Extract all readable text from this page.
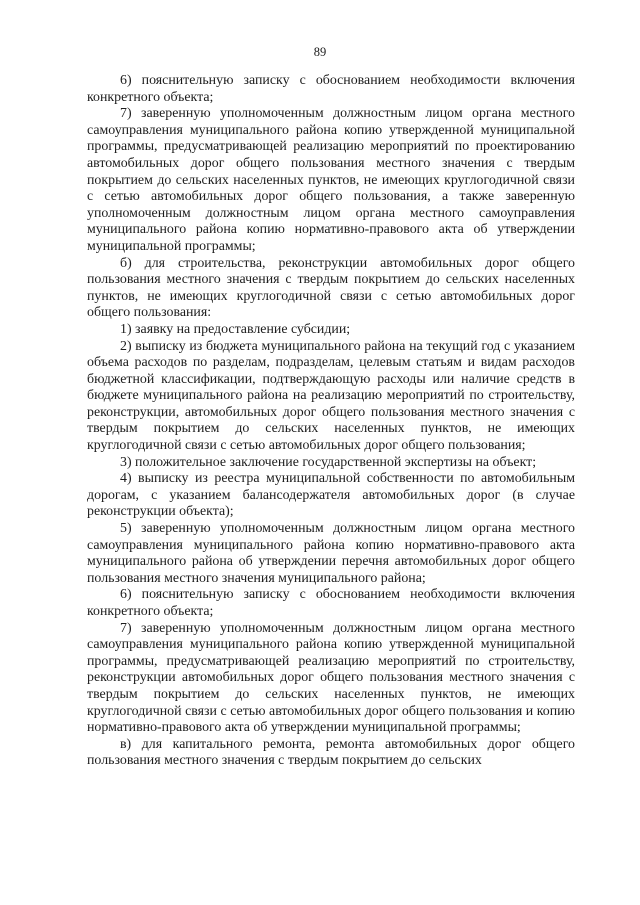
89

6) пояснительную записку с обоснованием необходимости включения конкретного объекта;

7) заверенную уполномоченным должностным лицом органа местного самоуправления муниципального района копию утвержденной муниципальной программы, предусматривающей реализацию мероприятий по проектированию автомобильных дорог общего пользования местного значения с твердым покрытием до сельских населенных пунктов, не имеющих круглогодичной связи с сетью автомобильных дорог общего пользования, а также заверенную уполномоченным должностным лицом органа местного самоуправления муниципального района копию нормативно-правового акта об утверждении муниципальной программы;

б) для строительства, реконструкции автомобильных дорог общего пользования местного значения с твердым покрытием до сельских населенных пунктов, не имеющих круглогодичной связи с сетью автомобильных дорог общего пользования:

1) заявку на предоставление субсидии;

2) выписку из бюджета муниципального района на текущий год с указанием объема расходов по разделам, подразделам, целевым статьям и видам расходов бюджетной классификации, подтверждающую расходы или наличие средств в бюджете муниципального района на реализацию мероприятий по строительству, реконструкции, автомобильных дорог общего пользования местного значения с твердым покрытием до сельских населенных пунктов, не имеющих круглогодичной связи с сетью автомобильных дорог общего пользования;

3) положительное заключение государственной экспертизы на объект;

4) выписку из реестра муниципальной собственности по автомобильным дорогам, с указанием балансодержателя автомобильных дорог (в случае реконструкции объекта);

5) заверенную уполномоченным должностным лицом органа местного самоуправления муниципального района копию нормативно-правового акта муниципального района об утверждении перечня автомобильных дорог общего пользования местного значения муниципального района;

6) пояснительную записку с обоснованием необходимости включения конкретного объекта;

7) заверенную уполномоченным должностным лицом органа местного самоуправления муниципального района копию утвержденной муниципальной программы, предусматривающей реализацию мероприятий по строительству, реконструкции автомобильных дорог общего пользования местного значения с твердым покрытием до сельских населенных пунктов, не имеющих круглогодичной связи с сетью автомобильных дорог общего пользования и копию нормативно-правового акта об утверждении муниципальной программы;

в) для капитального ремонта, ремонта автомобильных дорог общего пользования местного значения с твердым покрытием до сельских
